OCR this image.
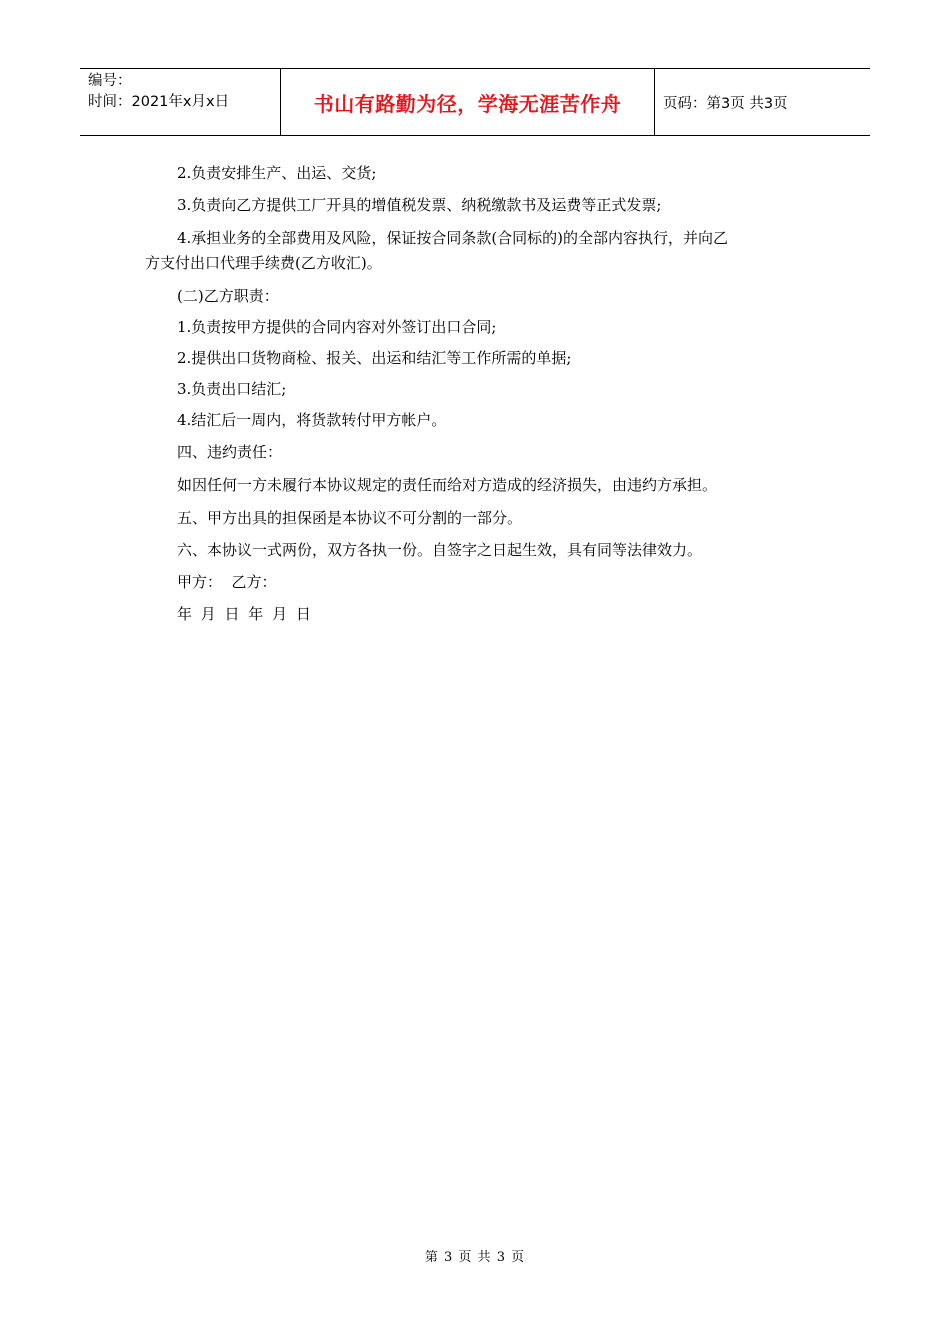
编号：
时间：2021年x月x日	书山有路勤为径，学海无涯苦作舟	页码：第3页 共3页
2.负责安排生产、出运、交货;
3.负责向乙方提供工厂开具的增值税发票、纳税缴款书及运费等正式发票;
4.承担业务的全部费用及风险，保证按合同条款(合同标的)的全部内容执行，并向乙
方支付出口代理手续费(乙方收汇)。
(二)乙方职责：
1.负责按甲方提供的合同内容对外签订出口合同;
2.提供出口货物商检、报关、出运和结汇等工作所需的单据;
3.负责出口结汇;
4.结汇后一周内，将货款转付甲方帐户。
四、违约责任：
如因任何一方未履行本协议规定的责任而给对方造成的经济损失，由违约方承担。
五、甲方出具的担保函是本协议不可分割的一部分。
六、本协议一式两份，双方各执一份。自签字之日起生效，具有同等法律效力。
甲方：  乙方：
年 月 日 年 月 日
第 3 页 共 3 页
